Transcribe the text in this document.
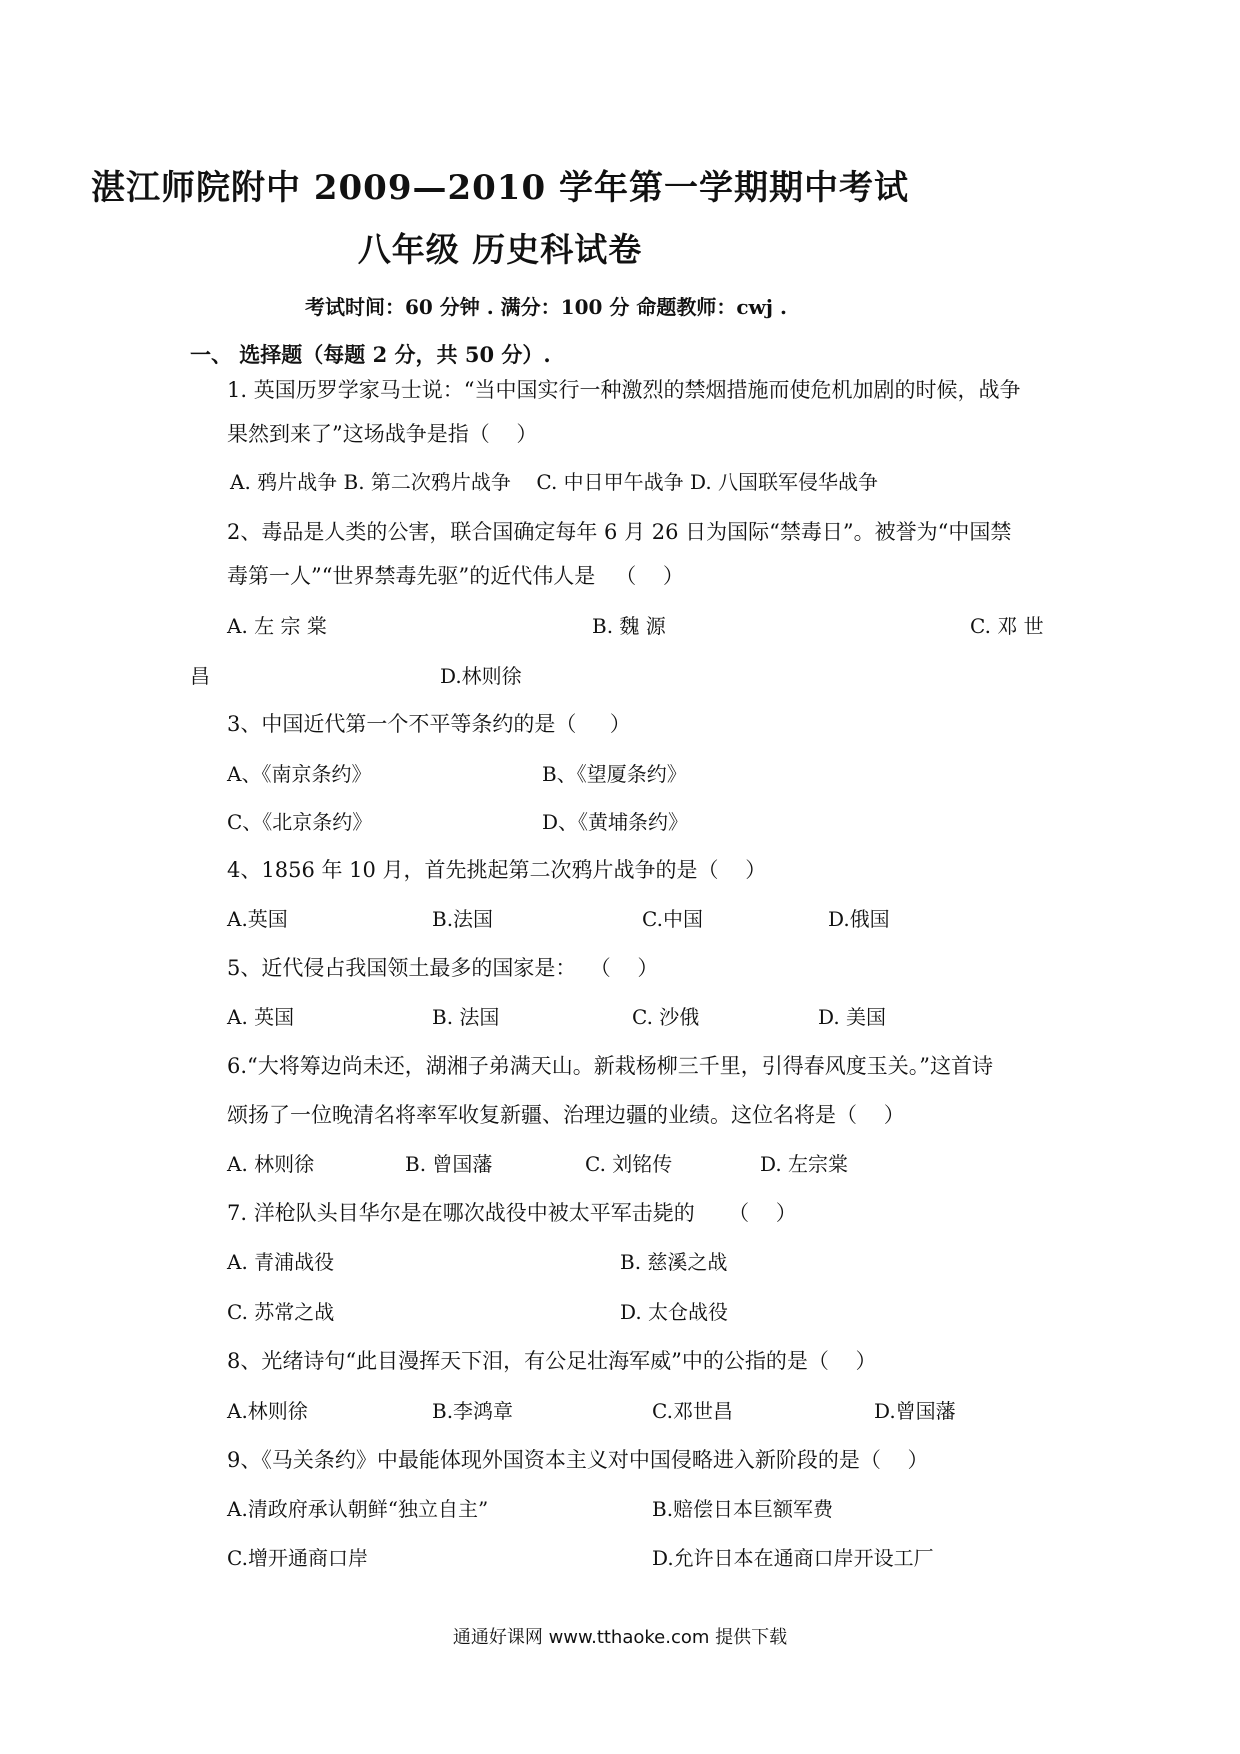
湛江师院附中 2009—2010 学年第一学期期中考试
八年级 历史科试卷
考试时间：60 分钟 . 满分：100 分 命题教师：cwj .
一、 选择题（每题 2 分，共 50 分）.
1. 英国历罗学家马士说：“当中国实行一种激烈的禁烟措施而使危机加剧的时候，战争
果然到来了”这场战争是指（    ）
A. 鸦片战争 B. 第二次鸦片战争    C. 中日甲午战争 D. 八国联军侵华战争
2、毒品是人类的公害，联合国确定每年 6 月 26 日为国际“禁毒日”。被誉为“中国禁
毒第一人”“世界禁毒先驱”的近代伟人是   （    ）
A. 左 宗 棠	B. 魏 源	C. 邓 世
昌	D.林则徐
3、中国近代第一个不平等条约的是（     ）
A、《南京条约》	B、《望厦条约》
C、《北京条约》	D、《黄埔条约》
4、1856 年 10 月，首先挑起第二次鸦片战争的是（    ）
A.英国	B.法国	C.中国	D.俄国
5、近代侵占我国领土最多的国家是：  （    ）
A. 英国	B. 法国	C. 沙俄	D. 美国
6.“大将筹边尚未还，湖湘子弟满天山。新栽杨柳三千里，引得春风度玉关。”这首诗
颂扬了一位晚清名将率军收复新疆、治理边疆的业绩。这位名将是（    ）
A. 林则徐	B. 曾国藩	C. 刘铭传	D. 左宗棠
7. 洋枪队头目华尔是在哪次战役中被太平军击毙的     （    ）
A. 青浦战役	B. 慈溪之战
C. 苏常之战	D. 太仓战役
8、光绪诗句“此目漫挥天下泪，有公足壮海军威”中的公指的是（    ）
A.林则徐	B.李鸿章	C.邓世昌	D.曾国藩
9、《马关条约》中最能体现外国资本主义对中国侵略进入新阶段的是（    ）
A.清政府承认朝鲜“独立自主”	B.赔偿日本巨额军费
C.增开通商口岸	D.允许日本在通商口岸开设工厂
通通好课网 www.tthaoke.com 提供下载
